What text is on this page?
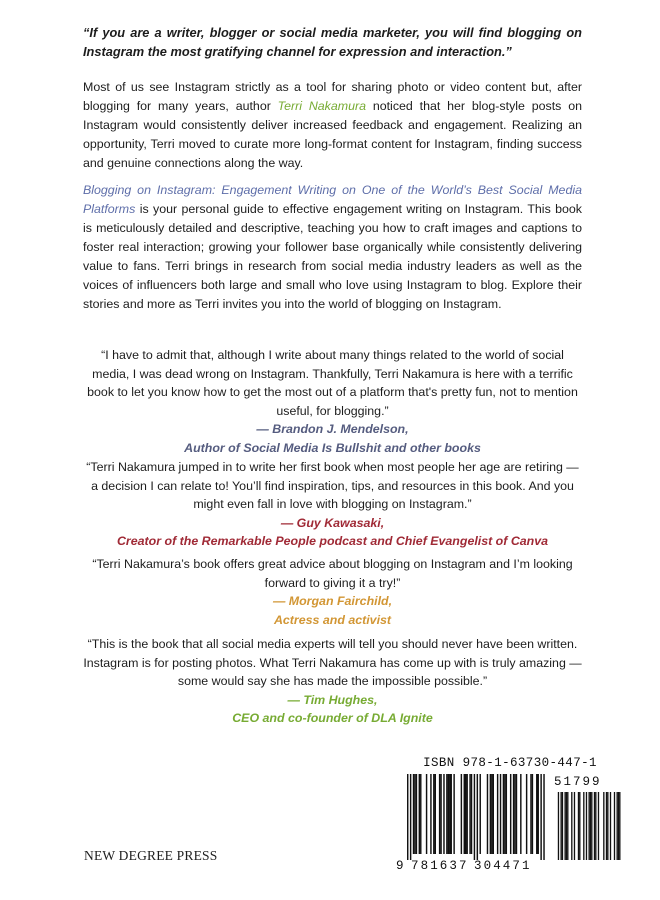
“If you are a writer, blogger or social media marketer, you will find blogging on Instagram the most gratifying channel for expression and interaction.”

Most of us see Instagram strictly as a tool for sharing photo or video content but, after blogging for many years, author Terri Nakamura noticed that her blog-style posts on Instagram would consistently deliver increased feedback and engagement. Realizing an opportunity, Terri moved to curate more long-format content for Instagram, finding success and genuine connections along the way.

Blogging on Instagram: Engagement Writing on One of the World’s Best Social Media Platforms is your personal guide to effective engagement writing on Instagram. This book is meticulously detailed and descriptive, teaching you how to craft images and captions to foster real interaction; growing your follower base organically while consistently delivering value to fans. Terri brings in research from social media industry leaders as well as the voices of influencers both large and small who love using Instagram to blog. Explore their stories and more as Terri invites you into the world of blogging on Instagram.

“I have to admit that, although I write about many things related to the world of social media, I was dead wrong on Instagram. Thankfully, Terri Nakamura is here with a terrific book to let you know how to get the most out of a platform that's pretty fun, not to mention useful, for blogging.”
— Brandon J. Mendelson,
Author of Social Media Is Bullshit and other books
“Terri Nakamura jumped in to write her first book when most people her age are retiring — a decision I can relate to! You’ll find inspiration, tips, and resources in this book. And you might even fall in love with blogging on Instagram.”
— Guy Kawasaki,
Creator of the Remarkable People podcast and Chief Evangelist of Canva
“Terri Nakamura’s book offers great advice about blogging on Instagram and I’m looking forward to giving it a try!”
— Morgan Fairchild,
Actress and activist
“This is the book that all social media experts will tell you should never have been written. Instagram is for posting photos. What Terri Nakamura has come up with is truly amazing — some would say she has made the impossible possible.”
— Tim Hughes,
CEO and co-founder of DLA Ignite

NEW DEGREE PRESS

ISBN 978-1-63730-447-1

51799

9 781637 304471
